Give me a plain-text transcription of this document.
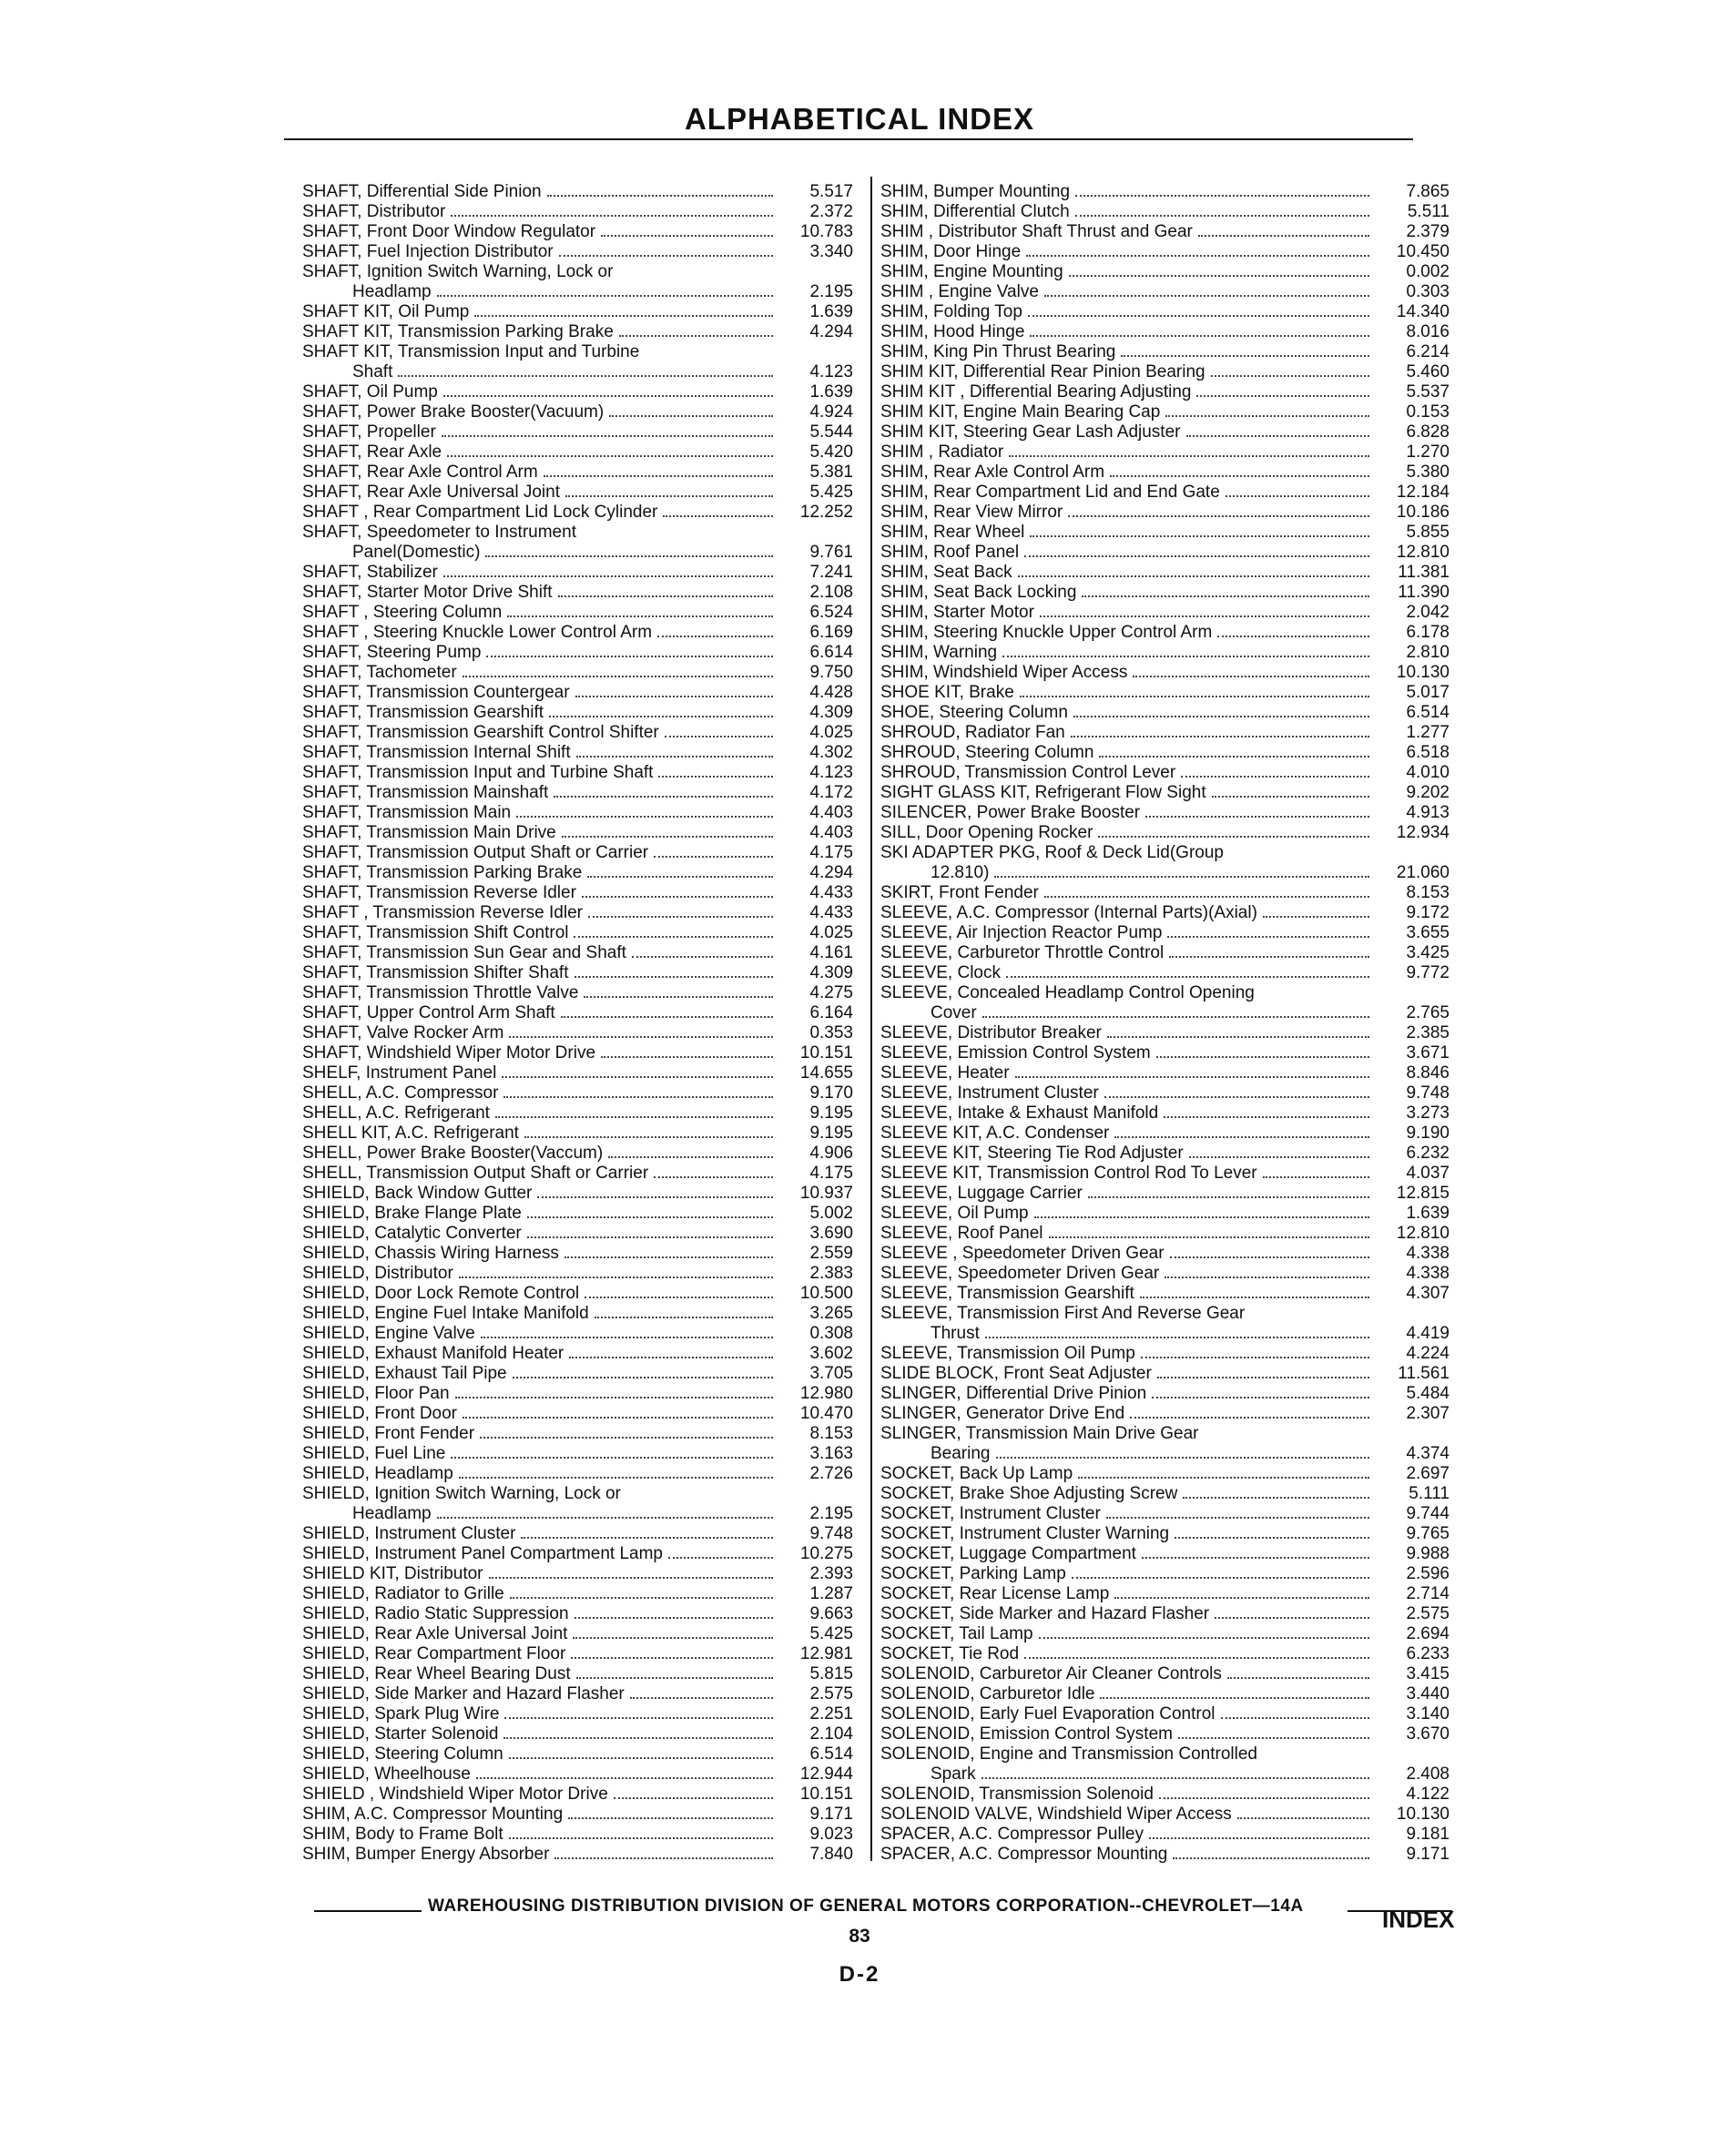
ALPHABETICAL INDEX
SHAFT, Differential Side Pinion	5.517
SHAFT, Distributor	2.372
SHAFT, Front Door Window Regulator	10.783
SHAFT, Fuel Injection Distributor	3.340
SHAFT, Ignition Switch Warning, Lock or
Headlamp	2.195
SHAFT KIT, Oil Pump	1.639
SHAFT KIT, Transmission Parking Brake	4.294
SHAFT KIT, Transmission Input and Turbine
Shaft	4.123
SHAFT, Oil Pump	1.639
SHAFT, Power Brake Booster(Vacuum)	4.924
SHAFT, Propeller	5.544
SHAFT, Rear Axle	5.420
SHAFT, Rear Axle Control Arm	5.381
SHAFT, Rear Axle Universal Joint	5.425
SHAFT , Rear Compartment Lid Lock Cylinder	12.252
SHAFT, Speedometer to Instrument
Panel(Domestic)	9.761
SHAFT, Stabilizer	7.241
SHAFT, Starter Motor Drive Shift	2.108
SHAFT , Steering Column	6.524
SHAFT , Steering Knuckle Lower Control Arm	6.169
SHAFT, Steering Pump	6.614
SHAFT, Tachometer	9.750
SHAFT, Transmission Countergear	4.428
SHAFT, Transmission Gearshift	4.309
SHAFT, Transmission Gearshift Control Shifter	4.025
SHAFT, Transmission Internal Shift	4.302
SHAFT, Transmission Input and Turbine Shaft	4.123
SHAFT, Transmission Mainshaft	4.172
SHAFT, Transmission Main	4.403
SHAFT, Transmission Main Drive	4.403
SHAFT, Transmission Output Shaft or Carrier	4.175
SHAFT, Transmission Parking Brake	4.294
SHAFT, Transmission Reverse Idler	4.433
SHAFT , Transmission Reverse Idler	4.433
SHAFT, Transmission Shift Control	4.025
SHAFT, Transmission Sun Gear and Shaft	4.161
SHAFT, Transmission Shifter Shaft	4.309
SHAFT, Transmission Throttle Valve	4.275
SHAFT, Upper Control Arm Shaft	6.164
SHAFT, Valve Rocker Arm	0.353
SHAFT, Windshield Wiper Motor Drive	10.151
SHELF, Instrument Panel	14.655
SHELL, A.C. Compressor	9.170
SHELL, A.C. Refrigerant	9.195
SHELL KIT, A.C. Refrigerant	9.195
SHELL, Power Brake Booster(Vaccum)	4.906
SHELL, Transmission Output Shaft or Carrier	4.175
SHIELD, Back Window Gutter	10.937
SHIELD, Brake Flange Plate	5.002
SHIELD, Catalytic Converter	3.690
SHIELD, Chassis Wiring Harness	2.559
SHIELD, Distributor	2.383
SHIELD, Door Lock Remote Control	10.500
SHIELD, Engine Fuel Intake Manifold	3.265
SHIELD, Engine Valve	0.308
SHIELD, Exhaust Manifold Heater	3.602
SHIELD, Exhaust Tail Pipe	3.705
SHIELD, Floor Pan	12.980
SHIELD, Front Door	10.470
SHIELD, Front Fender	8.153
SHIELD, Fuel Line	3.163
SHIELD, Headlamp	2.726
SHIELD, Ignition Switch Warning, Lock or
Headlamp	2.195
SHIELD, Instrument Cluster	9.748
SHIELD, Instrument Panel Compartment Lamp	10.275
SHIELD KIT, Distributor	2.393
SHIELD, Radiator to Grille	1.287
SHIELD, Radio Static Suppression	9.663
SHIELD, Rear Axle Universal Joint	5.425
SHIELD, Rear Compartment Floor	12.981
SHIELD, Rear Wheel Bearing Dust	5.815
SHIELD, Side Marker and Hazard Flasher	2.575
SHIELD, Spark Plug Wire	2.251
SHIELD, Starter Solenoid	2.104
SHIELD, Steering Column	6.514
SHIELD, Wheelhouse	12.944
SHIELD , Windshield Wiper Motor Drive	10.151
SHIM, A.C. Compressor Mounting	9.171
SHIM, Body to Frame Bolt	9.023
SHIM, Bumper Energy Absorber	7.840
SHIM, Bumper Mounting	7.865
SHIM, Differential Clutch	5.511
SHIM , Distributor Shaft Thrust and Gear	2.379
SHIM, Door Hinge	10.450
SHIM, Engine Mounting	0.002
SHIM , Engine Valve	0.303
SHIM, Folding Top	14.340
SHIM, Hood Hinge	8.016
SHIM, King Pin Thrust Bearing	6.214
SHIM KIT, Differential Rear Pinion Bearing	5.460
SHIM KIT , Differential Bearing Adjusting	5.537
SHIM KIT, Engine Main Bearing Cap	0.153
SHIM KIT, Steering Gear Lash Adjuster	6.828
SHIM , Radiator	1.270
SHIM, Rear Axle Control Arm	5.380
SHIM, Rear Compartment Lid and End Gate	12.184
SHIM, Rear View Mirror	10.186
SHIM, Rear Wheel	5.855
SHIM, Roof Panel	12.810
SHIM, Seat Back	11.381
SHIM, Seat Back Locking	11.390
SHIM, Starter Motor	2.042
SHIM, Steering Knuckle Upper Control Arm	6.178
SHIM, Warning	2.810
SHIM, Windshield Wiper Access	10.130
SHOE KIT, Brake	5.017
SHOE, Steering Column	6.514
SHROUD, Radiator Fan	1.277
SHROUD, Steering Column	6.518
SHROUD, Transmission Control Lever	4.010
SIGHT GLASS KIT, Refrigerant Flow Sight	9.202
SILENCER, Power Brake Booster	4.913
SILL, Door Opening Rocker	12.934
SKI ADAPTER PKG, Roof & Deck Lid(Group
12.810)	21.060
SKIRT, Front Fender	8.153
SLEEVE, A.C. Compressor (Internal Parts)(Axial)	9.172
SLEEVE, Air Injection Reactor Pump	3.655
SLEEVE, Carburetor Throttle Control	3.425
SLEEVE, Clock	9.772
SLEEVE, Concealed Headlamp Control Opening
Cover	2.765
SLEEVE, Distributor Breaker	2.385
SLEEVE, Emission Control System	3.671
SLEEVE, Heater	8.846
SLEEVE, Instrument Cluster	9.748
SLEEVE, Intake & Exhaust Manifold	3.273
SLEEVE KIT, A.C. Condenser	9.190
SLEEVE KIT, Steering Tie Rod Adjuster	6.232
SLEEVE KIT, Transmission Control Rod To Lever	4.037
SLEEVE, Luggage Carrier	12.815
SLEEVE, Oil Pump	1.639
SLEEVE, Roof Panel	12.810
SLEEVE , Speedometer Driven Gear	4.338
SLEEVE, Speedometer Driven Gear	4.338
SLEEVE, Transmission Gearshift	4.307
SLEEVE, Transmission First And Reverse Gear
Thrust	4.419
SLEEVE, Transmission Oil Pump	4.224
SLIDE BLOCK, Front Seat Adjuster	11.561
SLINGER, Differential Drive Pinion	5.484
SLINGER, Generator Drive End	2.307
SLINGER, Transmission Main Drive Gear
Bearing	4.374
SOCKET, Back Up Lamp	2.697
SOCKET, Brake Shoe Adjusting Screw	5.111
SOCKET, Instrument Cluster	9.744
SOCKET, Instrument Cluster Warning	9.765
SOCKET, Luggage Compartment	9.988
SOCKET, Parking Lamp	2.596
SOCKET, Rear License Lamp	2.714
SOCKET, Side Marker and Hazard Flasher	2.575
SOCKET, Tail Lamp	2.694
SOCKET, Tie Rod	6.233
SOLENOID, Carburetor Air Cleaner Controls	3.415
SOLENOID, Carburetor Idle	3.440
SOLENOID, Early Fuel Evaporation Control	3.140
SOLENOID, Emission Control System	3.670
SOLENOID, Engine and Transmission Controlled
Spark	2.408
SOLENOID, Transmission Solenoid	4.122
SOLENOID VALVE, Windshield Wiper Access	10.130
SPACER, A.C. Compressor Pulley	9.181
SPACER, A.C. Compressor Mounting	9.171
WAREHOUSING DISTRIBUTION DIVISION OF GENERAL MOTORS CORPORATION--CHEVROLET—14A	INDEX
83
D-2
